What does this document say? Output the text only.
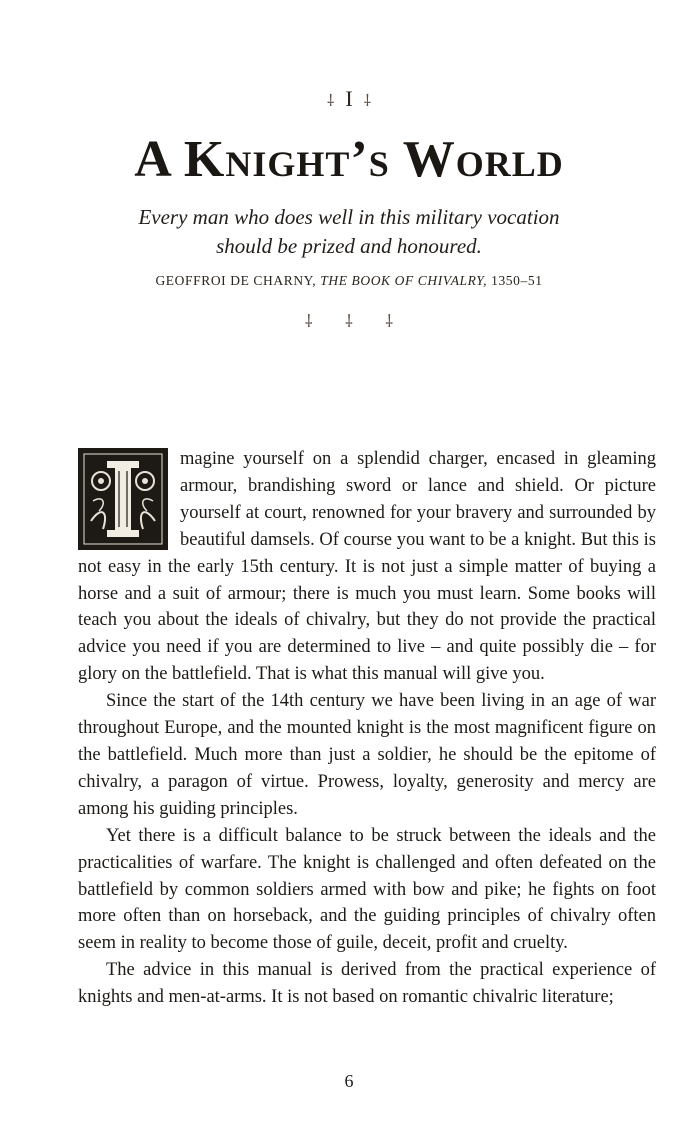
⸸ I ⸸
A Knight’s World
Every man who does well in this military vocation
should be prized and honoured.
GEOFFROI DE CHARNY, THE BOOK OF CHIVALRY, 1350–51
⸸ ⸸ ⸸

magine yourself on a splendid charger, encased in gleaming armour, brandishing sword or lance and shield. Or picture yourself at court, renowned for your bravery and surrounded by beautiful damsels. Of course you want to be a knight. But this is not easy in the early 15th century. It is not just a simple matter of buying a horse and a suit of armour; there is much you must learn. Some books will teach you about the ideals of chivalry, but they do not provide the practical advice you need if you are determined to live – and quite possibly die – for glory on the battlefield. That is what this manual will give you.

Since the start of the 14th century we have been living in an age of war throughout Europe, and the mounted knight is the most magnificent figure on the battlefield. Much more than just a soldier, he should be the epitome of chivalry, a paragon of virtue. Prowess, loyalty, generosity and mercy are among his guiding principles.

Yet there is a difficult balance to be struck between the ideals and the practicalities of warfare. The knight is challenged and often defeated on the battlefield by common soldiers armed with bow and pike; he fights on foot more often than on horseback, and the guiding principles of chivalry often seem in reality to become those of guile, deceit, profit and cruelty.

The advice in this manual is derived from the practical experience of knights and men-at-arms. It is not based on romantic chivalric literature;

6
